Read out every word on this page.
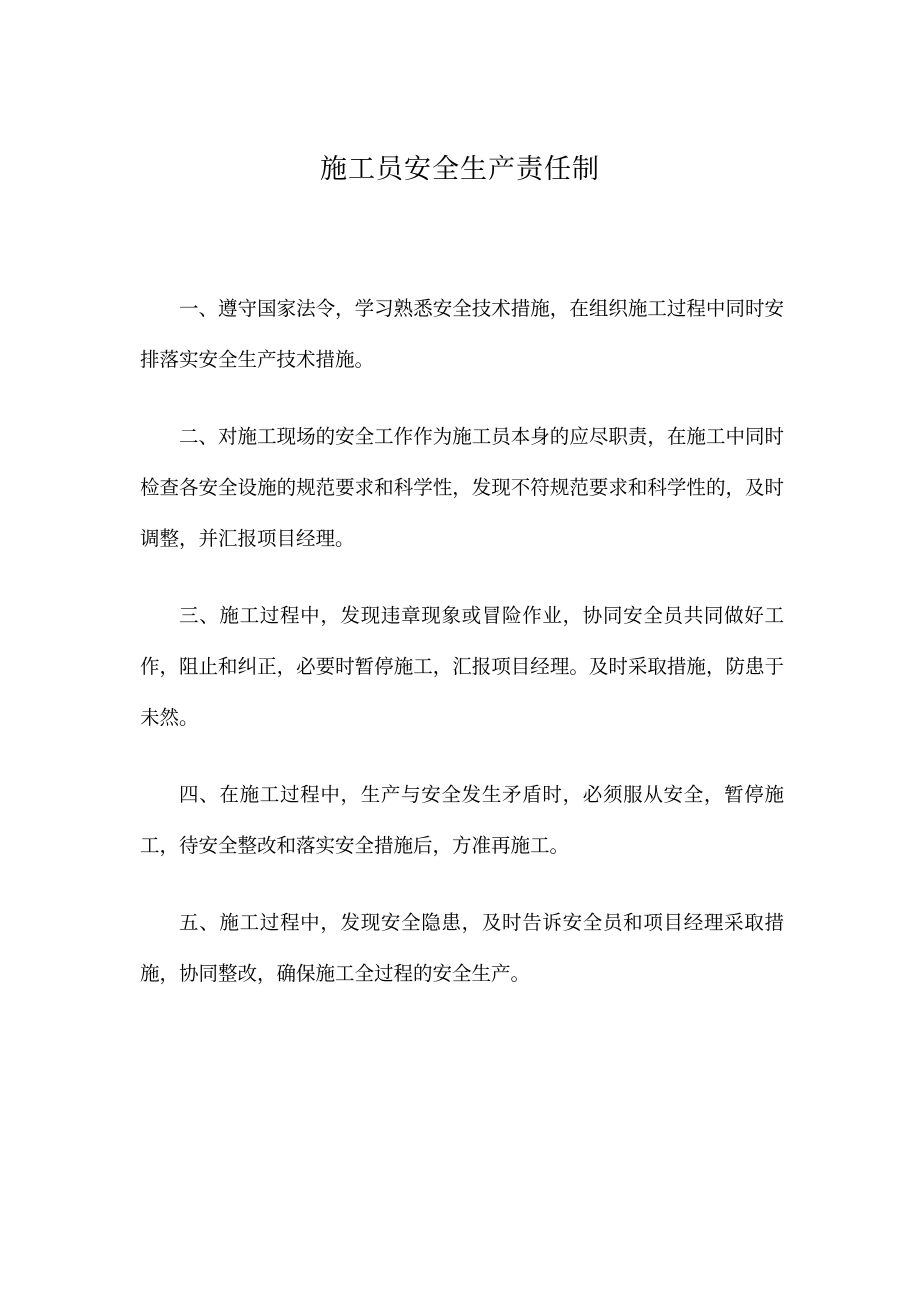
施工员安全生产责任制

一、遵守国家法令，学习熟悉安全技术措施，在组织施工过程中同时安排落实安全生产技术措施。

二、对施工现场的安全工作作为施工员本身的应尽职责，在施工中同时检查各安全设施的规范要求和科学性，发现不符规范要求和科学性的，及时调整，并汇报项目经理。

三、施工过程中，发现违章现象或冒险作业，协同安全员共同做好工作，阻止和纠正，必要时暂停施工，汇报项目经理。及时采取措施，防患于未然。

四、在施工过程中，生产与安全发生矛盾时，必须服从安全，暂停施工，待安全整改和落实安全措施后，方准再施工。

五、施工过程中，发现安全隐患，及时告诉安全员和项目经理采取措施，协同整改，确保施工全过程的安全生产。
